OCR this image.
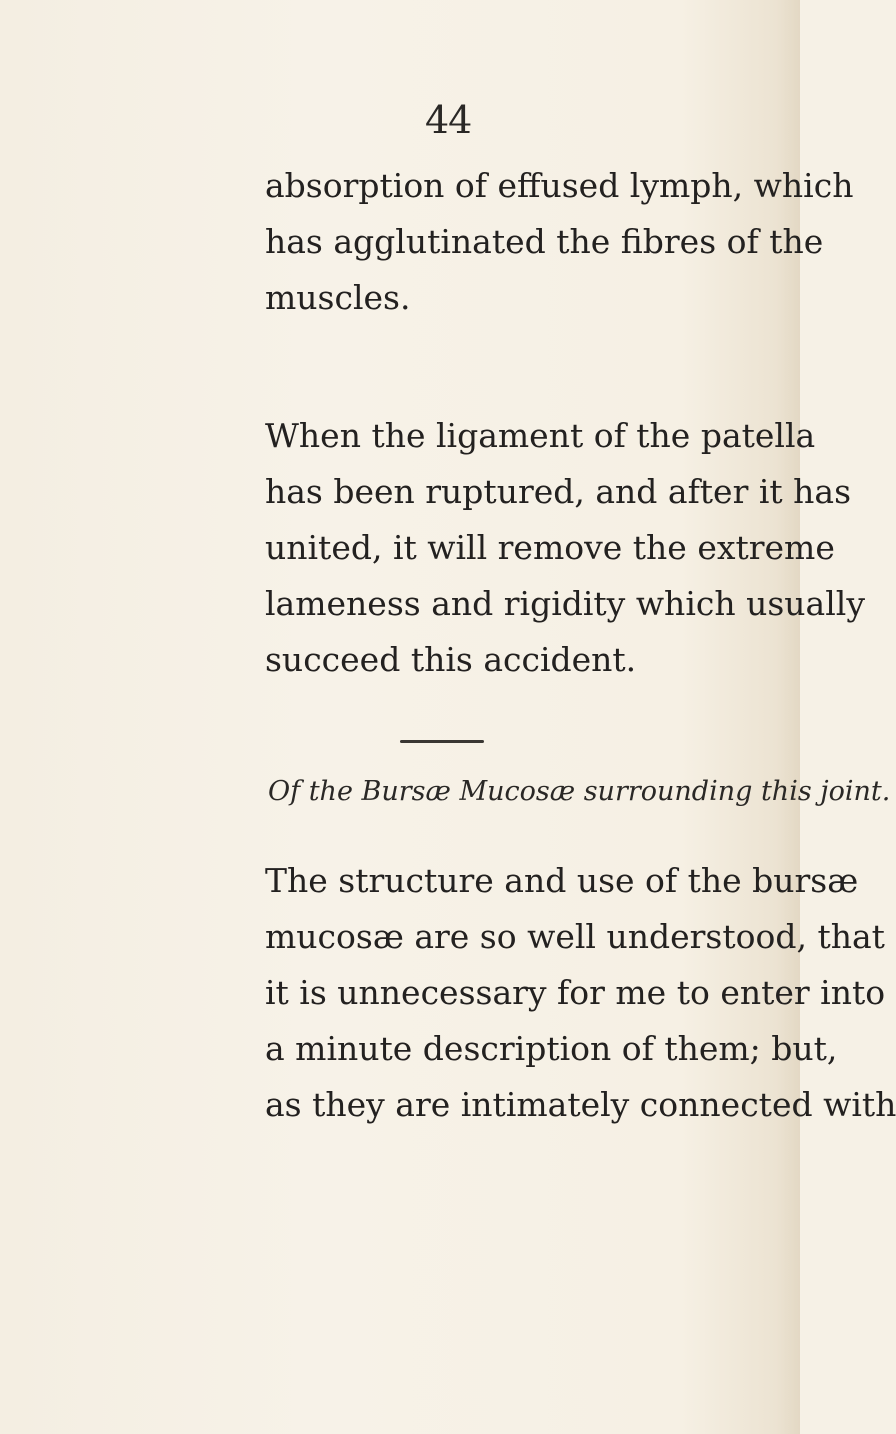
44

absorption of effused lymph, which
has agglutinated the fibres of the
muscles.

When the ligament of the patella
has been ruptured, and after it has
united, it will remove the extreme
lameness and rigidity which usually
succeed this accident.

Of the Bursæ Mucosæ surrounding this joint.

The structure and use of the bursæ
mucosæ are so well understood, that
it is unnecessary for me to enter into
a minute description of them; but,
as they are intimately connected with
